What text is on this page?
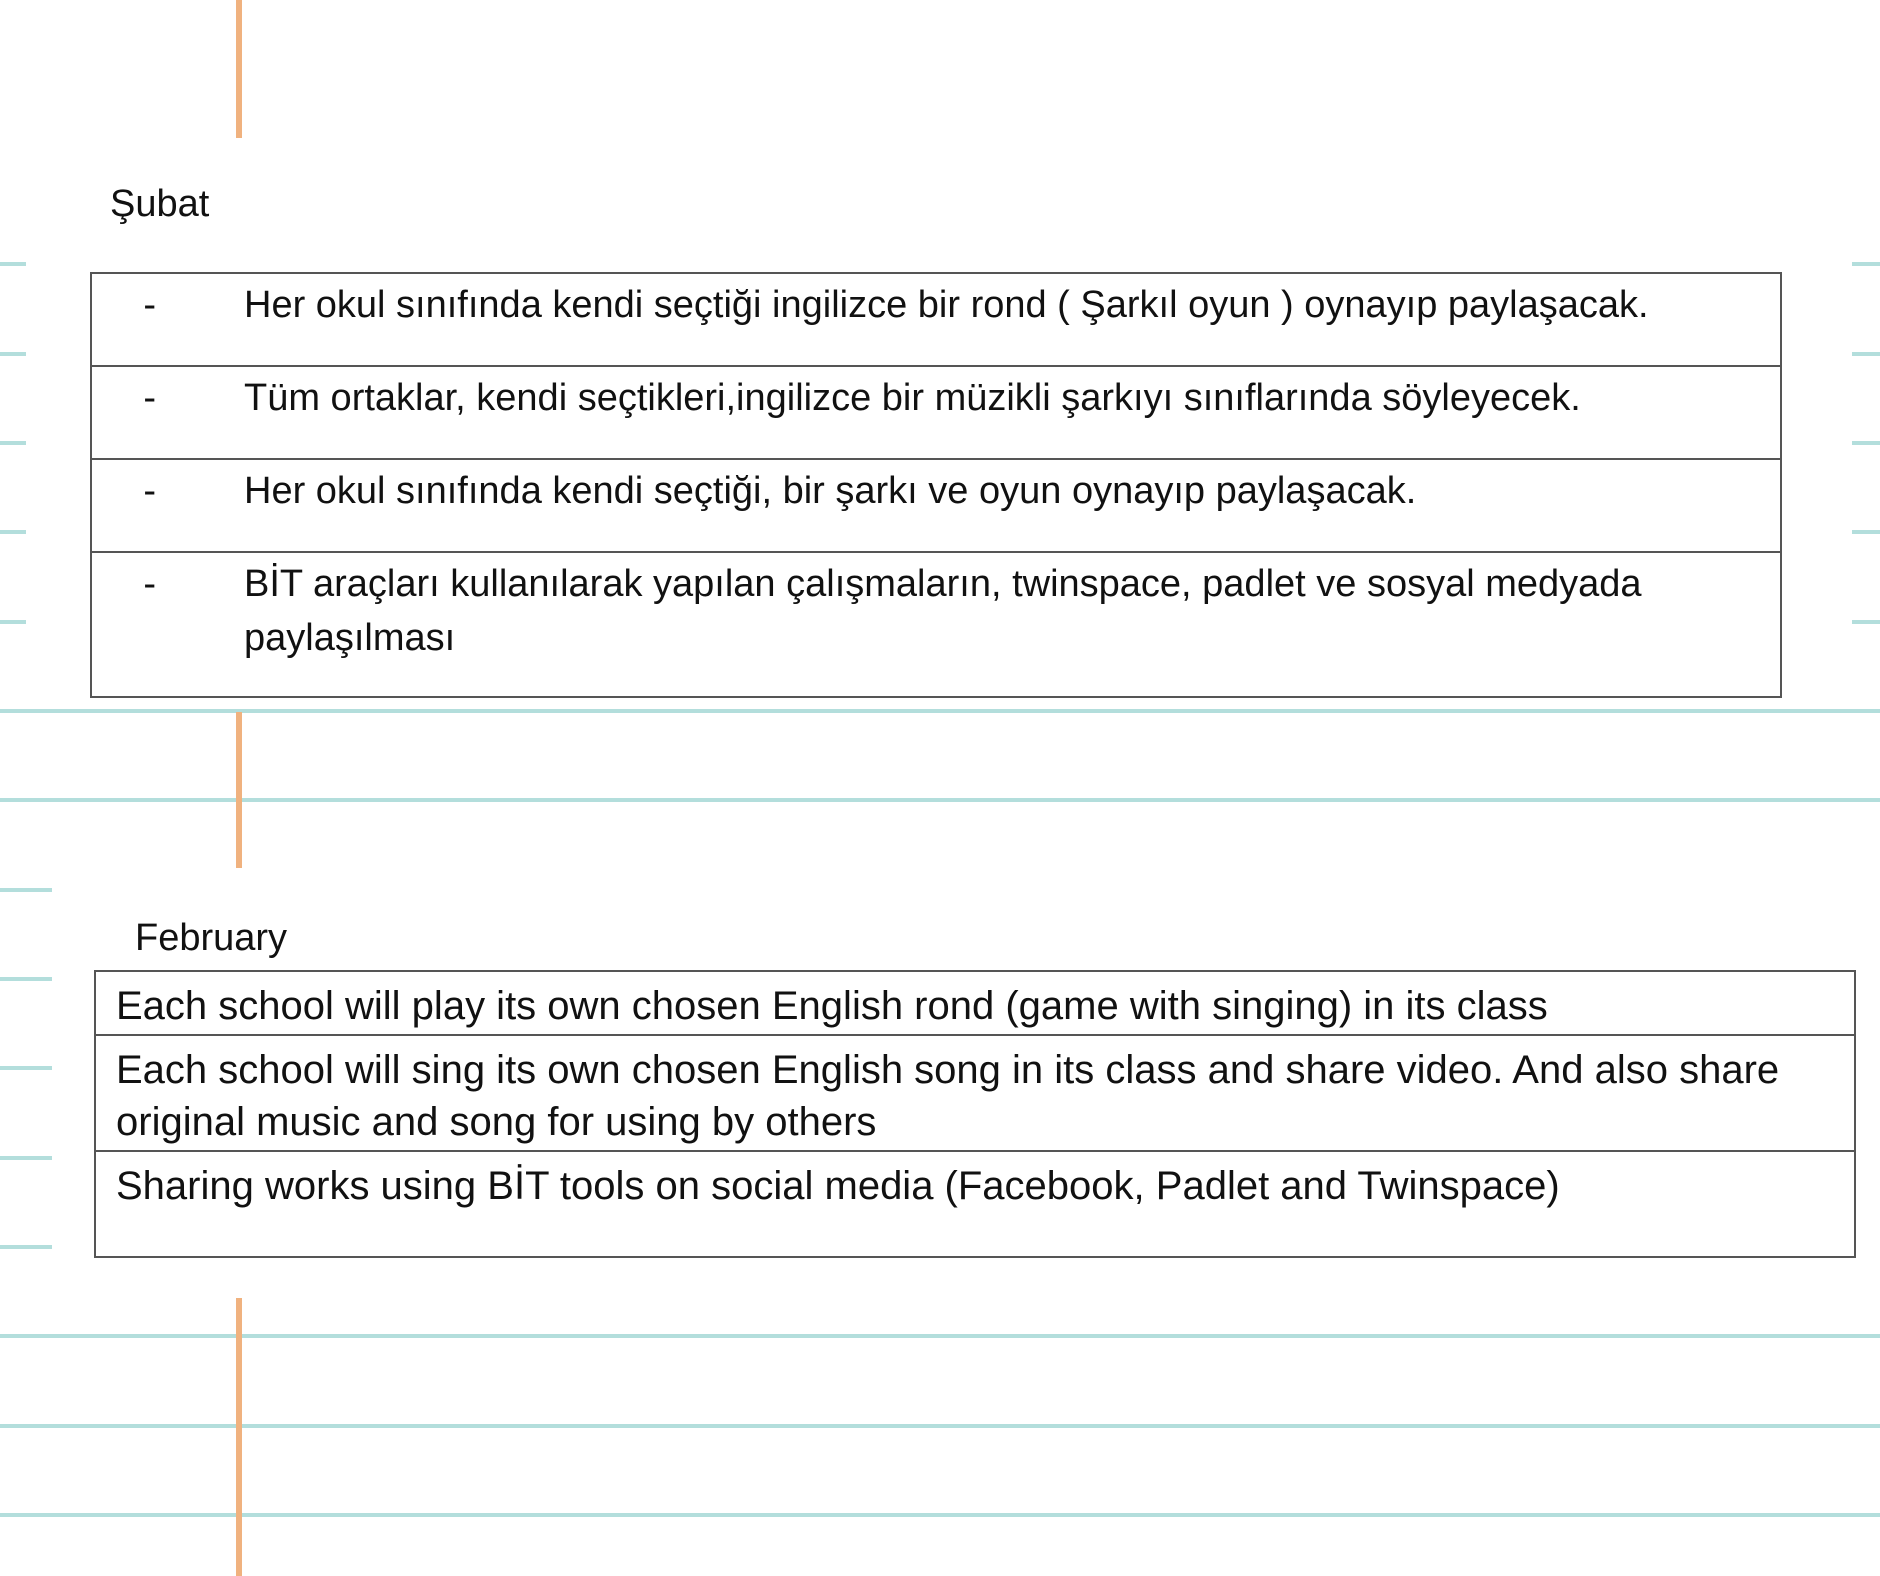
Şubat
-	Her okul sınıfında kendi seçtiği ingilizce bir rond ( Şarkıl oyun ) oynayıp paylaşacak.

-	Tüm ortaklar, kendi seçtikleri,ingilizce bir müzikli şarkıyı sınıflarında söyleyecek.

-	Her okul sınıfında kendi seçtiği, bir şarkı ve oyun oynayıp paylaşacak.

-	BİT araçları kullanılarak yapılan çalışmaların, twinspace, padlet ve sosyal medyada paylaşılması
February
Each school will play its own chosen English rond (game with singing) in its class
Each school will sing its own chosen English song in its class and share video. And also share original music and song for using by others
Sharing works using BİT tools on social media (Facebook, Padlet and Twinspace)
